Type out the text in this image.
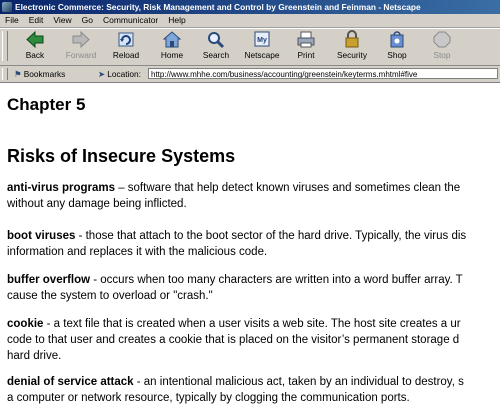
Electronic Commerce: Security, Risk Management and Control by Greenstein and Feinman - Netscape
File Edit View Go Communicator Help
Back	Forward	Reload	Home	Search
My
Netscape	Print	Security	Shop	Stop
⚑ Bookmarks	➤ Location:	http://www.mhhe.com/business/accounting/greenstein/keyterms.mhtml#five
Chapter 5
Risks of Insecure Systems
anti-virus programs – software that help detect known viruses and sometimes clean the
without any damage being inflicted.
boot viruses - those that attach to the boot sector of the hard drive. Typically, the virus dis
information and replaces it with the malicious code.
buffer overflow - occurs when too many characters are written into a word buffer array. T
cause the system to overload or "crash."
cookie - a text file that is created when a user visits a web site. The host site creates a ur
code to that user and creates a cookie that is placed on the visitor’s permanent storage d
hard drive.
denial of service attack - an intentional malicious act, taken by an individual to destroy, s
a computer or network resource, typically by clogging the communication ports.
